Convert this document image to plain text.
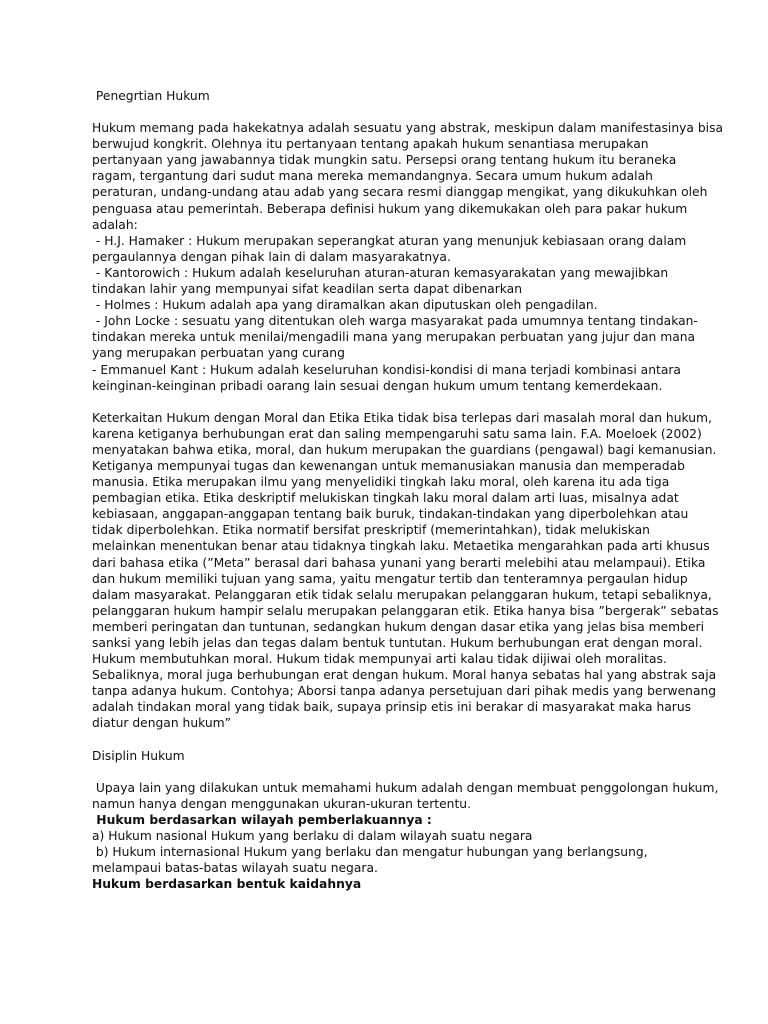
Penegrtian Hukum

Hukum memang pada hakekatnya adalah sesuatu yang abstrak, meskipun dalam manifestasinya bisa

berwujud kongkrit. Olehnya itu pertanyaan tentang apakah hukum senantiasa merupakan

pertanyaan yang jawabannya tidak mungkin satu. Persepsi orang tentang hukum itu beraneka

ragam, tergantung dari sudut mana mereka memandangnya. Secara umum hukum adalah

peraturan, undang-undang atau adab yang secara resmi dianggap mengikat, yang dikukuhkan oleh

penguasa atau pemerintah. Beberapa definisi hukum yang dikemukakan oleh para pakar hukum

adalah:

- H.J. Hamaker : Hukum merupakan seperangkat aturan yang menunjuk kebiasaan orang dalam

pergaulannya dengan pihak lain di dalam masyarakatnya.

- Kantorowich : Hukum adalah keseluruhan aturan-aturan kemasyarakatan yang mewajibkan

tindakan lahir yang mempunyai sifat keadilan serta dapat dibenarkan

- Holmes : Hukum adalah apa yang diramalkan akan diputuskan oleh pengadilan.

- John Locke : sesuatu yang ditentukan oleh warga masyarakat pada umumnya tentang tindakan-

tindakan mereka untuk menilai/mengadili mana yang merupakan perbuatan yang jujur dan mana

yang merupakan perbuatan yang curang

- Emmanuel Kant : Hukum adalah keseluruhan kondisi-kondisi di mana terjadi kombinasi antara

keinginan-keinginan pribadi oarang lain sesuai dengan hukum umum tentang kemerdekaan.

Keterkaitan Hukum dengan Moral dan Etika Etika tidak bisa terlepas dari masalah moral dan hukum,

karena ketiganya berhubungan erat dan saling mempengaruhi satu sama lain. F.A. Moeloek (2002)

menyatakan bahwa etika, moral, dan hukum merupakan the guardians (pengawal) bagi kemanusian.

Ketiganya mempunyai tugas dan kewenangan untuk memanusiakan manusia dan memperadab

manusia. Etika merupakan ilmu yang menyelidiki tingkah laku moral, oleh karena itu ada tiga

pembagian etika. Etika deskriptif melukiskan tingkah laku moral dalam arti luas, misalnya adat

kebiasaan, anggapan-anggapan tentang baik buruk, tindakan-tindakan yang diperbolehkan atau

tidak diperbolehkan. Etika normatif bersifat preskriptif (memerintahkan), tidak melukiskan

melainkan menentukan benar atau tidaknya tingkah laku. Metaetika mengarahkan pada arti khusus

dari bahasa etika (”Meta” berasal dari bahasa yunani yang berarti melebihi atau melampaui). Etika

dan hukum memiliki tujuan yang sama, yaitu mengatur tertib dan tenteramnya pergaulan hidup

dalam masyarakat. Pelanggaran etik tidak selalu merupakan pelanggaran hukum, tetapi sebaliknya,

pelanggaran hukum hampir selalu merupakan pelanggaran etik. Etika hanya bisa ”bergerak” sebatas

memberi peringatan dan tuntunan, sedangkan hukum dengan dasar etika yang jelas bisa memberi

sanksi yang lebih jelas dan tegas dalam bentuk tuntutan. Hukum berhubungan erat dengan moral.

Hukum membutuhkan moral. Hukum tidak mempunyai arti kalau tidak dijiwai oleh moralitas.

Sebaliknya, moral juga berhubungan erat dengan hukum. Moral hanya sebatas hal yang abstrak saja

tanpa adanya hukum. Contohya; Aborsi tanpa adanya persetujuan dari pihak medis yang berwenang

adalah tindakan moral yang tidak baik, supaya prinsip etis ini berakar di masyarakat maka harus

diatur dengan hukum”

Disiplin Hukum

Upaya lain yang dilakukan untuk memahami hukum adalah dengan membuat penggolongan hukum,

namun hanya dengan menggunakan ukuran-ukuran tertentu.

Hukum berdasarkan wilayah pemberlakuannya :

a) Hukum nasional Hukum yang berlaku di dalam wilayah suatu negara

b) Hukum internasional Hukum yang berlaku dan mengatur hubungan yang berlangsung,

melampaui batas-batas wilayah suatu negara.

Hukum berdasarkan bentuk kaidahnya
